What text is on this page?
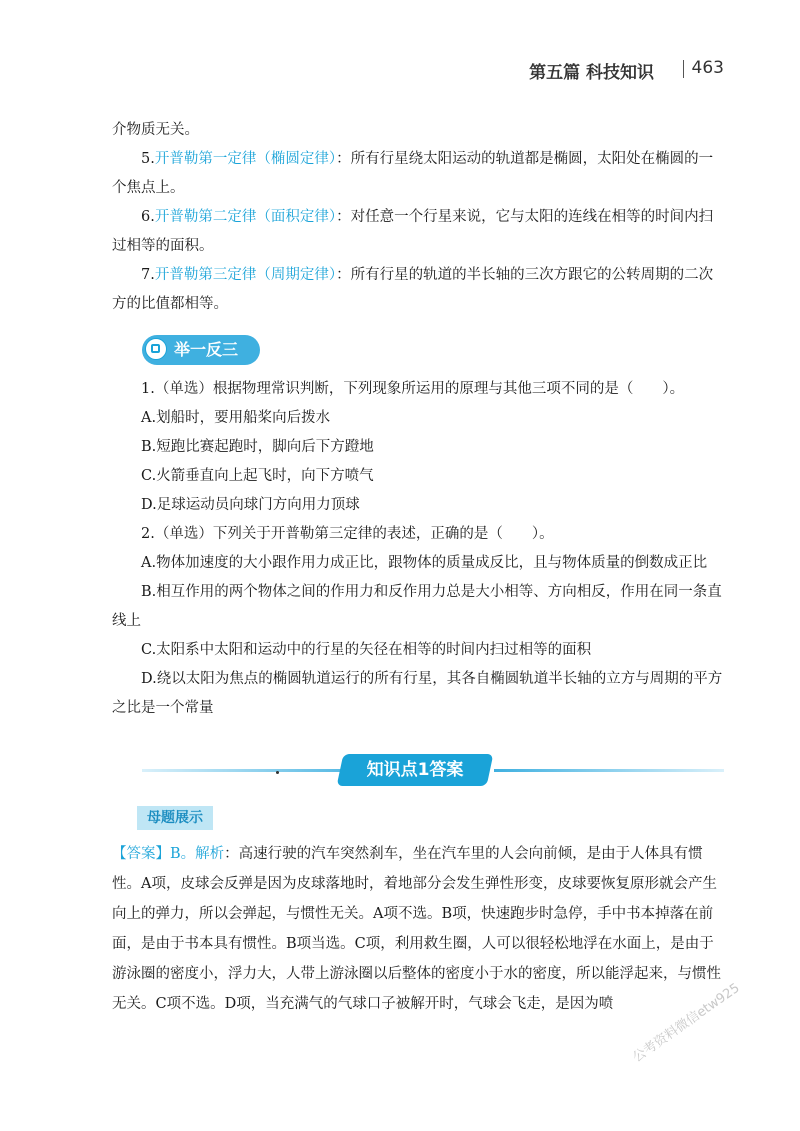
第五篇 科技知识 463

介物质无关。

5.开普勒第一定律（椭圆定律）：所有行星绕太阳运动的轨道都是椭圆，太阳处在椭圆的一个焦点上。

6.开普勒第二定律（面积定律）：对任意一个行星来说，它与太阳的连线在相等的时间内扫过相等的面积。

7.开普勒第三定律（周期定律）：所有行星的轨道的半长轴的三次方跟它的公转周期的二次方的比值都相等。

举一反三

1.（单选）根据物理常识判断，下列现象所运用的原理与其他三项不同的是（　　）。

A.划船时，要用船桨向后拨水

B.短跑比赛起跑时，脚向后下方蹬地

C.火箭垂直向上起飞时，向下方喷气

D.足球运动员向球门方向用力顶球

2.（单选）下列关于开普勒第三定律的表述，正确的是（　　）。

A.物体加速度的大小跟作用力成正比，跟物体的质量成反比，且与物体质量的倒数成正比

B.相互作用的两个物体之间的作用力和反作用力总是大小相等、方向相反，作用在同一条直线上

C.太阳系中太阳和运动中的行星的矢径在相等的时间内扫过相等的面积

D.绕以太阳为焦点的椭圆轨道运行的所有行星，其各自椭圆轨道半长轴的立方与周期的平方之比是一个常量

知识点1答案
母题展示
【答案】B。解析：高速行驶的汽车突然刹车，坐在汽车里的人会向前倾，是由于人体具有惯性。A项，皮球会反弹是因为皮球落地时，着地部分会发生弹性形变，皮球要恢复原形就会产生向上的弹力，所以会弹起，与惯性无关。A项不选。B项，快速跑步时急停，手中书本掉落在前面，是由于书本具有惯性。B项当选。C项，利用救生圈，人可以很轻松地浮在水面上，是由于游泳圈的密度小，浮力大，人带上游泳圈以后整体的密度小于水的密度，所以能浮起来，与惯性无关。C项不选。D项，当充满气的气球口子被解开时，气球会飞走，是因为喷	公考资料微信etw925
